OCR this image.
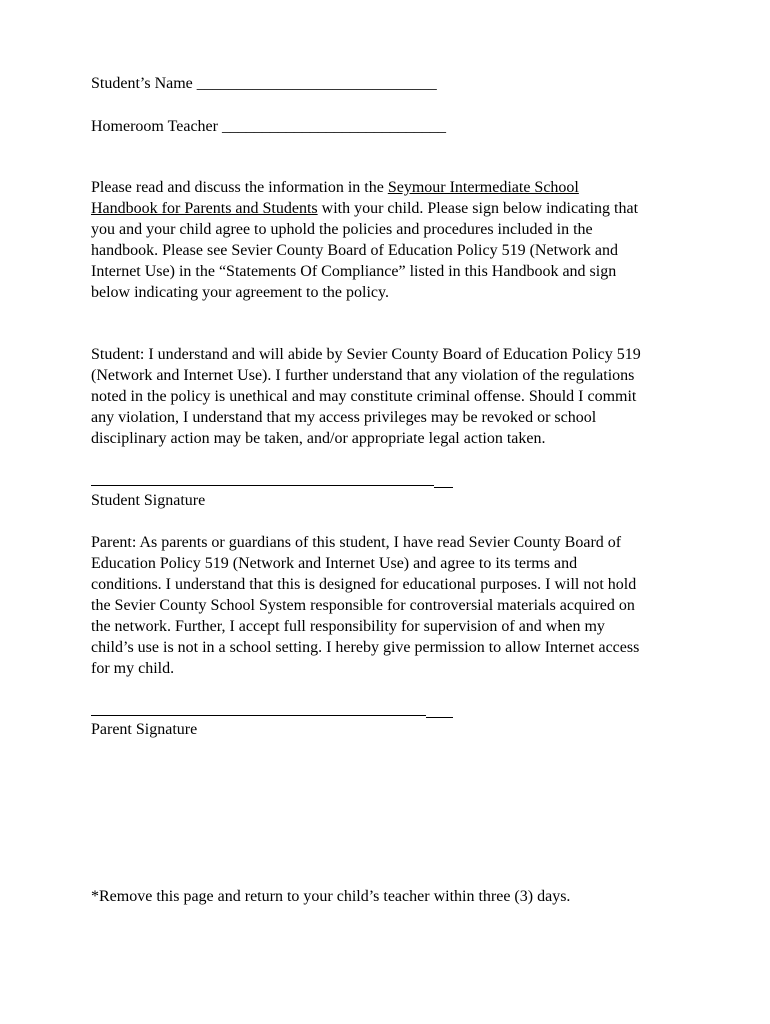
Student’s Name ______________________________
Homeroom Teacher ____________________________
Please read and discuss the information in the Seymour Intermediate School
Handbook for Parents and Students with your child. Please sign below indicating that
you and your child agree to uphold the policies and procedures included in the
handbook. Please see Sevier County Board of Education Policy 519 (Network and
Internet Use) in the “Statements Of Compliance” listed in this Handbook and sign
below indicating your agreement to the policy.
Student: I understand and will abide by Sevier County Board of Education Policy 519
(Network and Internet Use). I further understand that any violation of the regulations
noted in the policy is unethical and may constitute criminal offense. Should I commit
any violation, I understand that my access privileges may be revoked or school
disciplinary action may be taken, and/or appropriate legal action taken.
Student Signature
Parent: As parents or guardians of this student, I have read Sevier County Board of
Education Policy 519 (Network and Internet Use) and agree to its terms and
conditions. I understand that this is designed for educational purposes. I will not hold
the Sevier County School System responsible for controversial materials acquired on
the network. Further, I accept full responsibility for supervision of and when my
child’s use is not in a school setting. I hereby give permission to allow Internet access
for my child.
Parent Signature
*Remove this page and return to your child’s teacher within three (3) days.
